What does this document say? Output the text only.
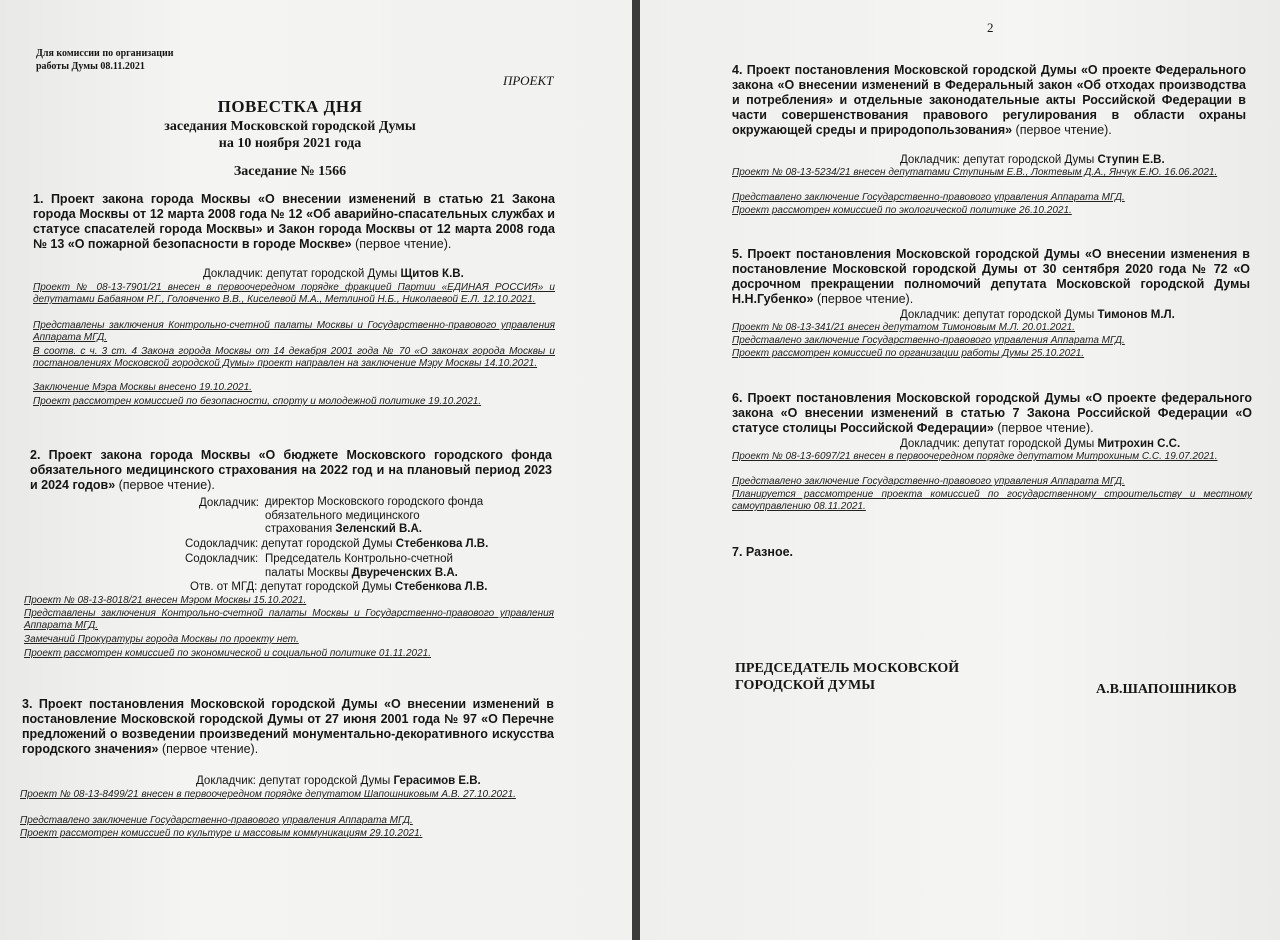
Для комиссии по организации
работы Думы 08.11.2021
ПРОЕКТ
ПОВЕСТКА ДНЯ
заседания Московской городской Думы
на 10 ноября 2021 года
Заседание № 1566
1. Проект закона города Москвы «О внесении изменений в статью 21 Закона города Москвы от 12 марта 2008 года № 12 «Об аварийно-спасательных службах и статусе спасателей города Москвы» и Закон города Москвы от 12 марта 2008 года № 13 «О пожарной безопасности в городе Москве» (первое чтение).
Докладчик: депутат городской Думы Щитов К.В.
Проект № 08-13-7901/21 внесен в первоочередном порядке фракцией Партии «ЕДИНАЯ РОССИЯ» и депутатами Бабаяном Р.Г., Головченко В.В., Киселевой М.А., Метлиной Н.Б., Николаевой Е.Л. 12.10.2021.
Представлены заключения Контрольно-счетной палаты Москвы и Государственно-правового управления Аппарата МГД.
В соотв. с ч. 3 ст. 4 Закона города Москвы от 14 декабря 2001 года № 70 «О законах города Москвы и постановлениях Московской городской Думы» проект направлен на заключение Мэру Москвы 14.10.2021.
Заключение Мэра Москвы внесено 19.10.2021.
Проект рассмотрен комиссией по безопасности, спорту и молодежной политике 19.10.2021.
2. Проект закона города Москвы «О бюджете Московского городского фонда обязательного медицинского страхования на 2022 год и на плановый период 2023 и 2024 годов» (первое чтение).
Докладчик: директор Московского городского фонда
обязательного медицинского
страхования Зеленский В.А.
Содокладчик: депутат городской Думы Стебенкова Л.В.
Содокладчик: Председатель Контрольно-счетной
палаты Москвы Двуреченских В.А.
Отв. от МГД: депутат городской Думы Стебенкова Л.В.
Проект № 08-13-8018/21 внесен Мэром Москвы 15.10.2021.
Представлены заключения Контрольно-счетной палаты Москвы и Государственно-правового управления Аппарата МГД.
Замечаний Прокуратуры города Москвы по проекту нет.
Проект рассмотрен комиссией по экономической и социальной политике 01.11.2021.
3. Проект постановления Московской городской Думы «О внесении изменений в постановление Московской городской Думы от 27 июня 2001 года № 97 «О Перечне предложений о возведении произведений монументально-декоративного искусства городского значения» (первое чтение).
Докладчик: депутат городской Думы Герасимов Е.В.
Проект № 08-13-8499/21 внесен в первоочередном порядке депутатом Шапошниковым А.В. 27.10.2021.
Представлено заключение Государственно-правового управления Аппарата МГД.
Проект рассмотрен комиссией по культуре и массовым коммуникациям 29.10.2021.
2
4. Проект постановления Московской городской Думы «О проекте Федерального закона «О внесении изменений в Федеральный закон «Об отходах производства и потребления» и отдельные законодательные акты Российской Федерации в части совершенствования правового регулирования в области охраны окружающей среды и природопользования» (первое чтение).
Докладчик: депутат городской Думы Ступин Е.В.
Проект № 08-13-5234/21 внесен депутатами Ступиным Е.В., Локтевым Д.А., Янчук Е.Ю. 16.06.2021.
Представлено заключение Государственно-правового управления Аппарата МГД.
Проект рассмотрен комиссией по экологической политике 26.10.2021.
5. Проект постановления Московской городской Думы «О внесении изменения в постановление Московской городской Думы от 30 сентября 2020 года № 72 «О досрочном прекращении полномочий депутата Московской городской Думы Н.Н.Губенко» (первое чтение).
Докладчик: депутат городской Думы Тимонов М.Л.
Проект № 08-13-341/21 внесен депутатом Тимоновым М.Л. 20.01.2021.
Представлено заключение Государственно-правового управления Аппарата МГД.
Проект рассмотрен комиссией по организации работы Думы 25.10.2021.
6. Проект постановления Московской городской Думы «О проекте федерального закона «О внесении изменений в статью 7 Закона Российской Федерации «О статусе столицы Российской Федерации» (первое чтение).
Докладчик: депутат городской Думы Митрохин С.С.
Проект № 08-13-6097/21 внесен в первоочередном порядке депутатом Митрохиным С.С. 19.07.2021.
Представлено заключение Государственно-правового управления Аппарата МГД.
Планируется рассмотрение проекта комиссией по государственному строительству и местному самоуправлению 08.11.2021.
7. Разное.
ПРЕДСЕДАТЕЛЬ МОСКОВСКОЙ
ГОРОДСКОЙ ДУМЫ	А.В.ШАПОШНИКОВ
